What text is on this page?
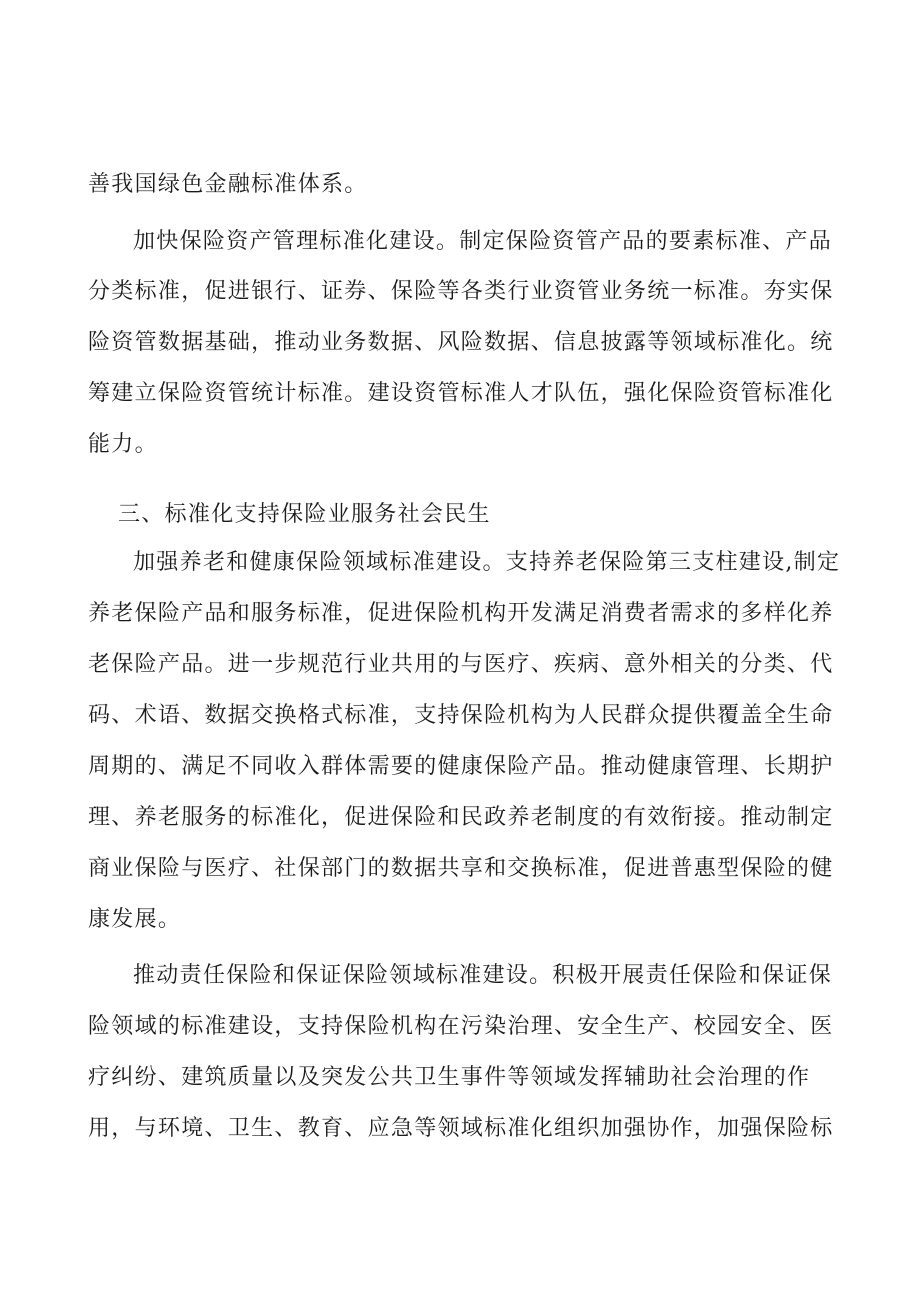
善我国绿色金融标准体系。
加快保险资产管理标准化建设。制定保险资管产品的要素标准、产品
分类标准，促进银行、证券、保险等各类行业资管业务统一标准。夯实保
险资管数据基础，推动业务数据、风险数据、信息披露等领域标准化。统
筹建立保险资管统计标准。建设资管标准人才队伍，强化保险资管标准化
能力。
三、标准化支持保险业服务社会民生
加强养老和健康保险领域标准建设。支持养老保险第三支柱建设,制定
养老保险产品和服务标准，促进保险机构开发满足消费者需求的多样化养
老保险产品。进一步规范行业共用的与医疗、疾病、意外相关的分类、代
码、术语、数据交换格式标准，支持保险机构为人民群众提供覆盖全生命
周期的、满足不同收入群体需要的健康保险产品。推动健康管理、长期护
理、养老服务的标准化，促进保险和民政养老制度的有效衔接。推动制定
商业保险与医疗、社保部门的数据共享和交换标准，促进普惠型保险的健
康发展。
推动责任保险和保证保险领域标准建设。积极开展责任保险和保证保
险领域的标准建设，支持保险机构在污染治理、安全生产、校园安全、医
疗纠纷、建筑质量以及突发公共卫生事件等领域发挥辅助社会治理的作
用，与环境、卫生、教育、应急等领域标准化组织加强协作，加强保险标
